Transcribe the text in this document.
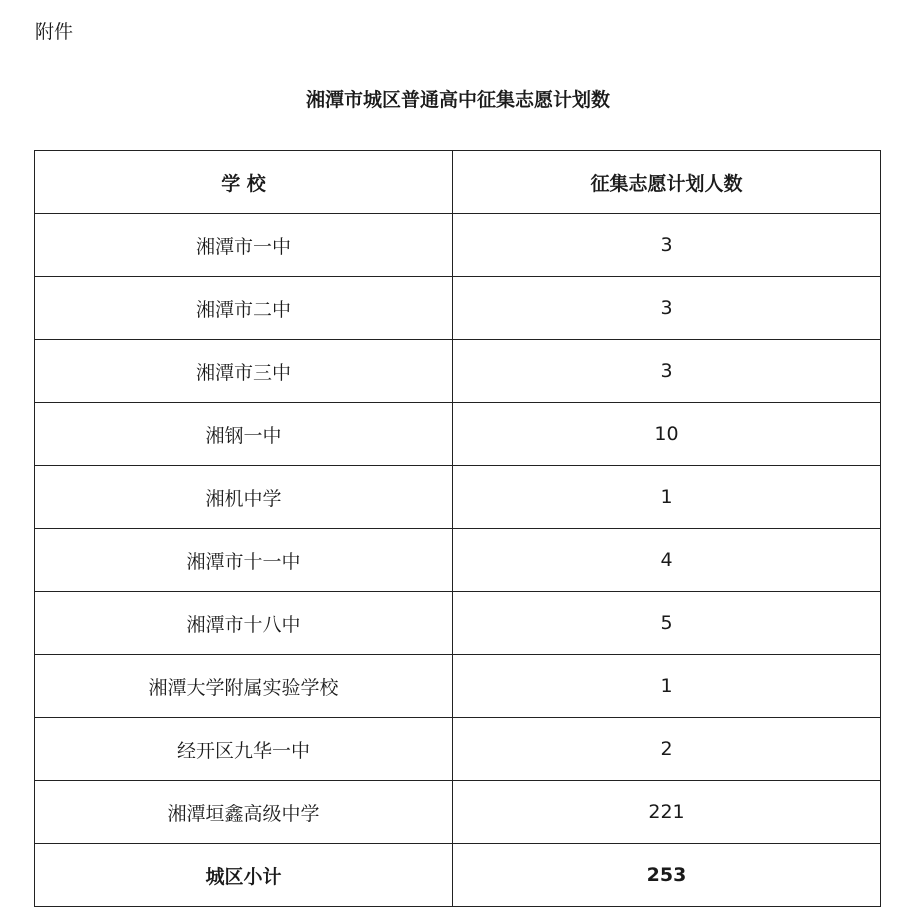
附件
湘潭市城区普通高中征集志愿计划数
学 校	征集志愿计划人数
湘潭市一中	3
湘潭市二中	3
湘潭市三中	3
湘钢一中	10
湘机中学	1
湘潭市十一中	4
湘潭市十八中	5
湘潭大学附属实验学校	1
经开区九华一中	2
湘潭垣鑫高级中学	221
城区小计	253
